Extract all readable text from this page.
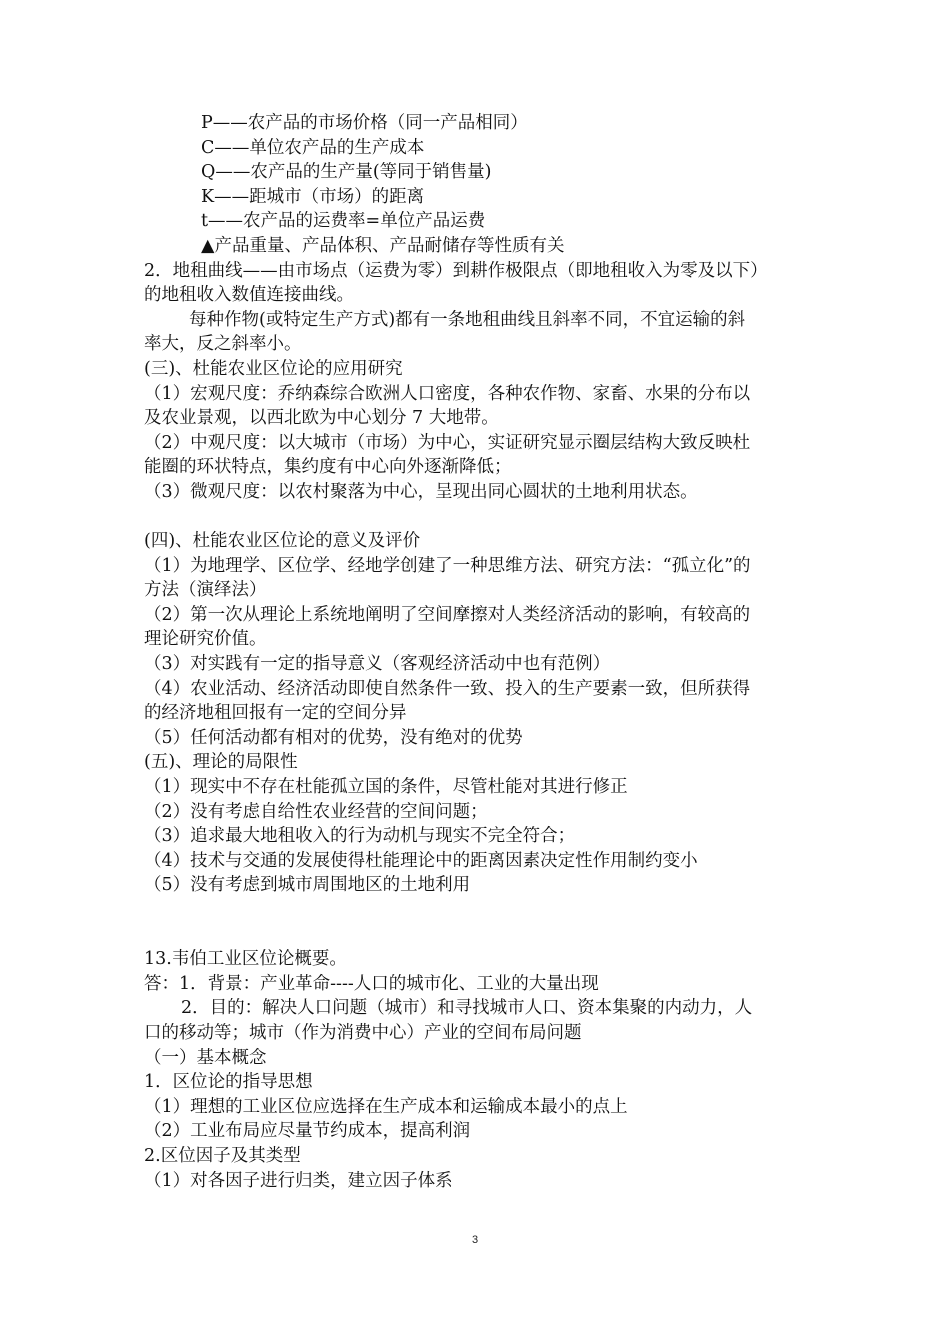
P——农产品的市场价格（同一产品相同）
C——单位农产品的生产成本
Q——农产品的生产量(等同于销售量)
K——距城市（市场）的距离
t——农产品的运费率=单位产品运费
▲产品重量、产品体积、产品耐储存等性质有关
2．地租曲线——由市场点（运费为零）到耕作极限点（即地租收入为零及以下）
的地租收入数值连接曲线。
每种作物(或特定生产方式)都有一条地租曲线且斜率不同，不宜运输的斜
率大，反之斜率小。
(三)、杜能农业区位论的应用研究
（1）宏观尺度：乔纳森综合欧洲人口密度，各种农作物、家畜、水果的分布以
及农业景观，以西北欧为中心划分 7 大地带。
（2）中观尺度：以大城市（市场）为中心，实证研究显示圈层结构大致反映杜
能圈的环状特点，集约度有中心向外逐渐降低；
（3）微观尺度：以农村聚落为中心，呈现出同心圆状的土地利用状态。
(四)、杜能农业区位论的意义及评价
（1）为地理学、区位学、经地学创建了一种思维方法、研究方法：“孤立化”的
方法（演绎法）
（2）第一次从理论上系统地阐明了空间摩擦对人类经济活动的影响，有较高的
理论研究价值。
（3）对实践有一定的指导意义（客观经济活动中也有范例）
（4）农业活动、经济活动即使自然条件一致、投入的生产要素一致，但所获得
的经济地租回报有一定的空间分异
（5）任何活动都有相对的优势，没有绝对的优势
(五)、理论的局限性
（1）现实中不存在杜能孤立国的条件，尽管杜能对其进行修正
（2）没有考虑自给性农业经营的空间问题；
（3）追求最大地租收入的行为动机与现实不完全符合；
（4）技术与交通的发展使得杜能理论中的距离因素决定性作用制约变小
（5）没有考虑到城市周围地区的土地利用
13.韦伯工业区位论概要。
答：1．背景：产业革命----人口的城市化、工业的大量出现
2．目的：解决人口问题（城市）和寻找城市人口、资本集聚的内动力，人
口的移动等；城市（作为消费中心）产业的空间布局问题
（一）基本概念
1．区位论的指导思想
（1）理想的工业区位应选择在生产成本和运输成本最小的点上
（2）工业布局应尽量节约成本，提高利润
2.区位因子及其类型
（1）对各因子进行归类，建立因子体系
3
